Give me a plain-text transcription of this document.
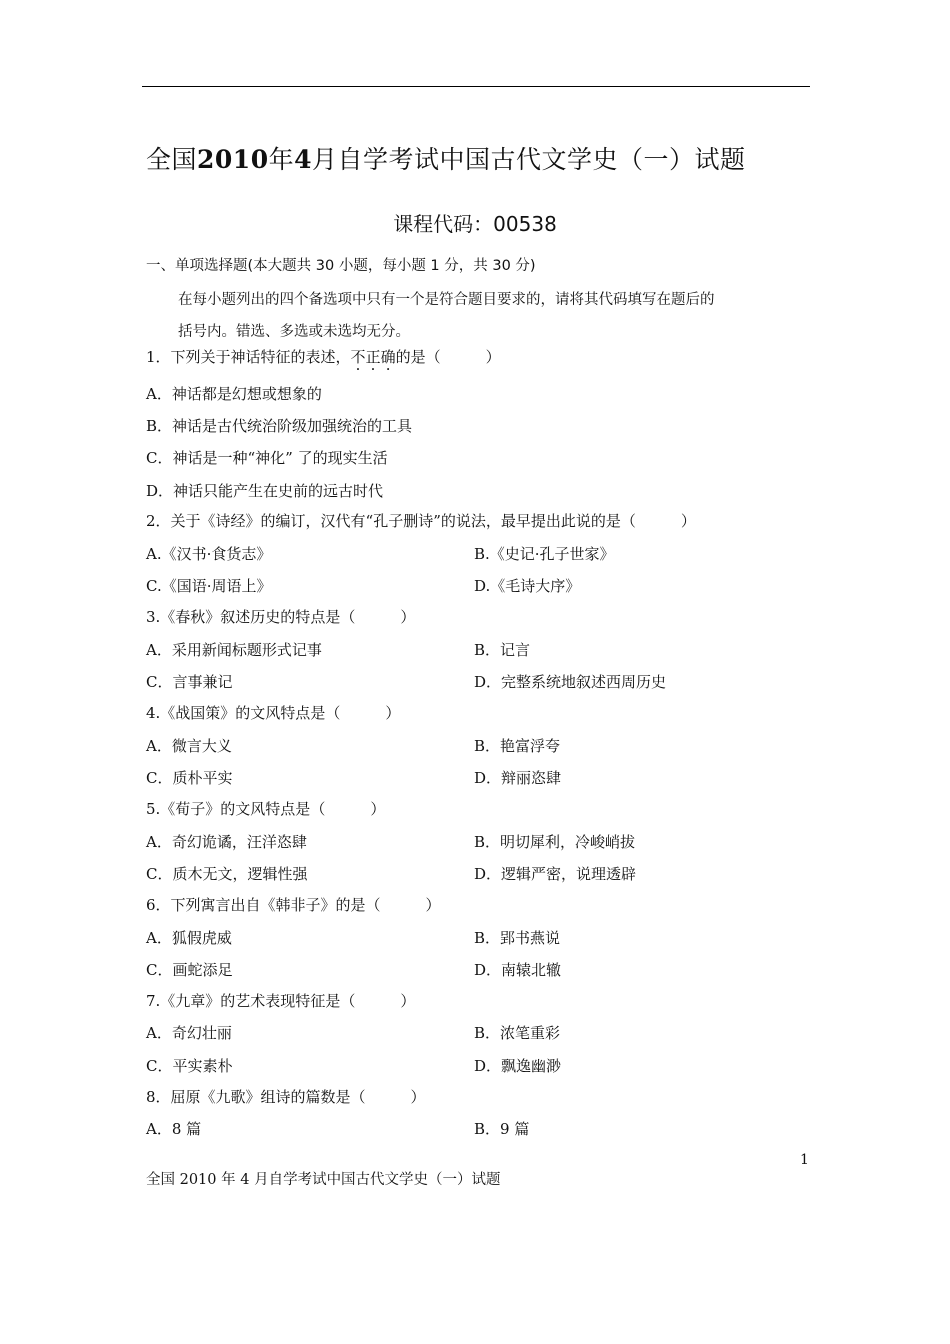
全国2010年4月自学考试中国古代文学史（一）试题
课程代码：00538
一、单项选择题(本大题共 30 小题，每小题 1 分，共 30 分)
在每小题列出的四个备选项中只有一个是符合题目要求的，请将其代码填写在题后的
括号内。错选、多选或未选均无分。
1．下列关于神话特征的表述，不正确的是（　　　）
A．神话都是幻想或想象的
B．神话是古代统治阶级加强统治的工具
C．神话是一种“神化” 了的现实生活
D．神话只能产生在史前的远古时代
2．关于《诗经》的编订，汉代有“孔子删诗”的说法，最早提出此说的是（　　　）
A.《汉书·食货志》	B.《史记·孔子世家》
C.《国语·周语上》	D.《毛诗大序》
3.《春秋》叙述历史的特点是（　　　）
A．采用新闻标题形式记事	B．记言
C．言事兼记	D．完整系统地叙述西周历史
4.《战国策》的文风特点是（　　　）
A．微言大义	B．艳富浮夸
C．质朴平实	D．辩丽恣肆
5.《荀子》的文风特点是（　　　）
A．奇幻诡谲，汪洋恣肆	B．明切犀利，冷峻峭拔
C．质木无文，逻辑性强	D．逻辑严密，说理透辟
6．下列寓言出自《韩非子》的是（　　　）
A．狐假虎威	B．郢书燕说
C．画蛇添足	D．南辕北辙
7.《九章》的艺术表现特征是（　　　）
A．奇幻壮丽	B．浓笔重彩
C．平实素朴	D．飘逸幽渺
8．屈原《九歌》组诗的篇数是（　　　）
A．8 篇	B．9 篇
1
全国 2010 年 4 月自学考试中国古代文学史（一）试题
